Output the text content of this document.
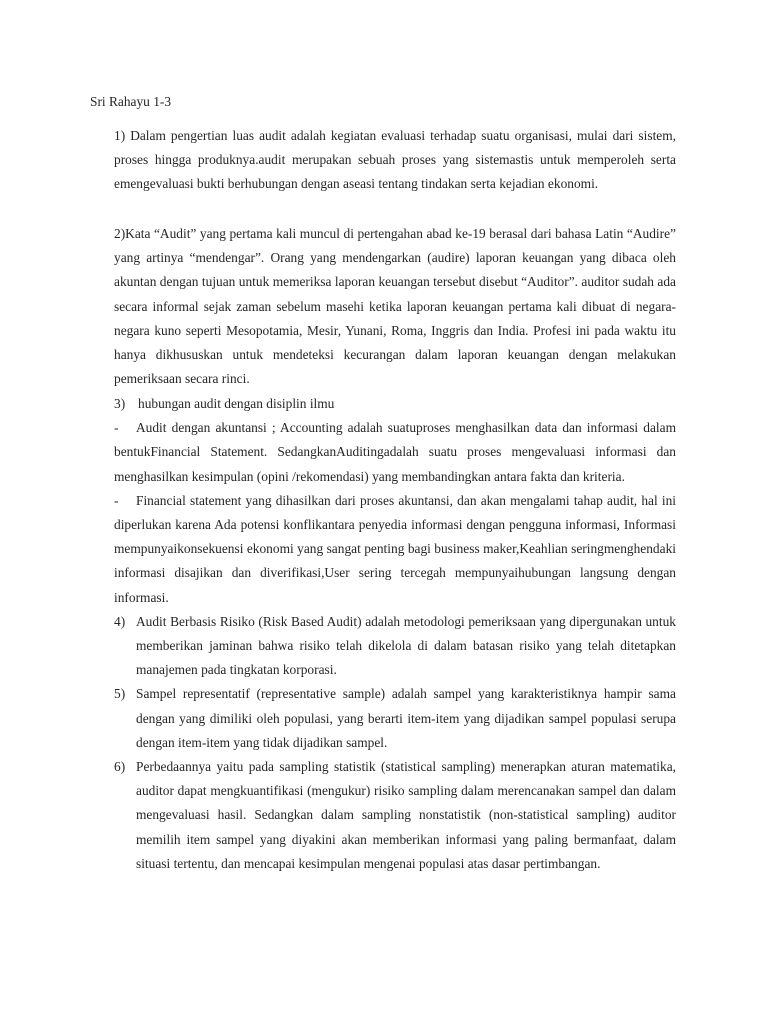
Sri Rahayu 1-3
1) Dalam pengertian luas audit adalah kegiatan evaluasi terhadap suatu organisasi, mulai dari sistem, proses hingga produknya.audit merupakan sebuah proses yang sistemastis untuk memperoleh serta emengevaluasi bukti berhubungan dengan aseasi tentang tindakan serta kejadian ekonomi.
2)Kata “Audit” yang pertama kali muncul di pertengahan abad ke-19 berasal dari bahasa Latin “Audire” yang artinya “mendengar”. Orang yang mendengarkan (audire) laporan keuangan yang dibaca oleh akuntan dengan tujuan untuk memeriksa laporan keuangan tersebut disebut “Auditor”. auditor sudah ada secara informal sejak zaman sebelum masehi ketika laporan keuangan pertama kali dibuat di negara-negara kuno seperti Mesopotamia, Mesir, Yunani, Roma, Inggris dan India. Profesi ini pada waktu itu hanya dikhususkan untuk mendeteksi kecurangan dalam laporan keuangan dengan melakukan pemeriksaan secara rinci.
3) hubungan audit dengan disiplin ilmu
- Audit dengan akuntansi ; Accounting adalah suatuproses menghasilkan data dan informasi dalam bentukFinancial Statement. SedangkanAuditingadalah suatu proses mengevaluasi informasi dan menghasilkan kesimpulan (opini /rekomendasi) yang membandingkan antara fakta dan kriteria.
- Financial statement yang dihasilkan dari proses akuntansi, dan akan mengalami tahap audit, hal ini diperlukan karena Ada potensi konflikantara penyedia informasi dengan pengguna informasi, Informasi mempunyaikonsekuensi ekonomi yang sangat penting bagi business maker,Keahlian seringmenghendaki informasi disajikan dan diverifikasi,User sering tercegah mempunyaihubungan langsung dengan informasi.
4) Audit Berbasis Risiko (Risk Based Audit) adalah metodologi pemeriksaan yang dipergunakan untuk memberikan jaminan bahwa risiko telah dikelola di dalam batasan risiko yang telah ditetapkan manajemen pada tingkatan korporasi.
5) Sampel representatif (representative sample) adalah sampel yang karakteristiknya hampir sama dengan yang dimiliki oleh populasi, yang berarti item-item yang dijadikan sampel populasi serupa dengan item-item yang tidak dijadikan sampel.
6) Perbedaannya yaitu pada sampling statistik (statistical sampling) menerapkan aturan matematika, auditor dapat mengkuantifikasi (mengukur) risiko sampling dalam merencanakan sampel dan dalam mengevaluasi hasil. Sedangkan dalam sampling nonstatistik (non-statistical sampling) auditor memilih item sampel yang diyakini akan memberikan informasi yang paling bermanfaat, dalam situasi tertentu, dan mencapai kesimpulan mengenai populasi atas dasar pertimbangan.
